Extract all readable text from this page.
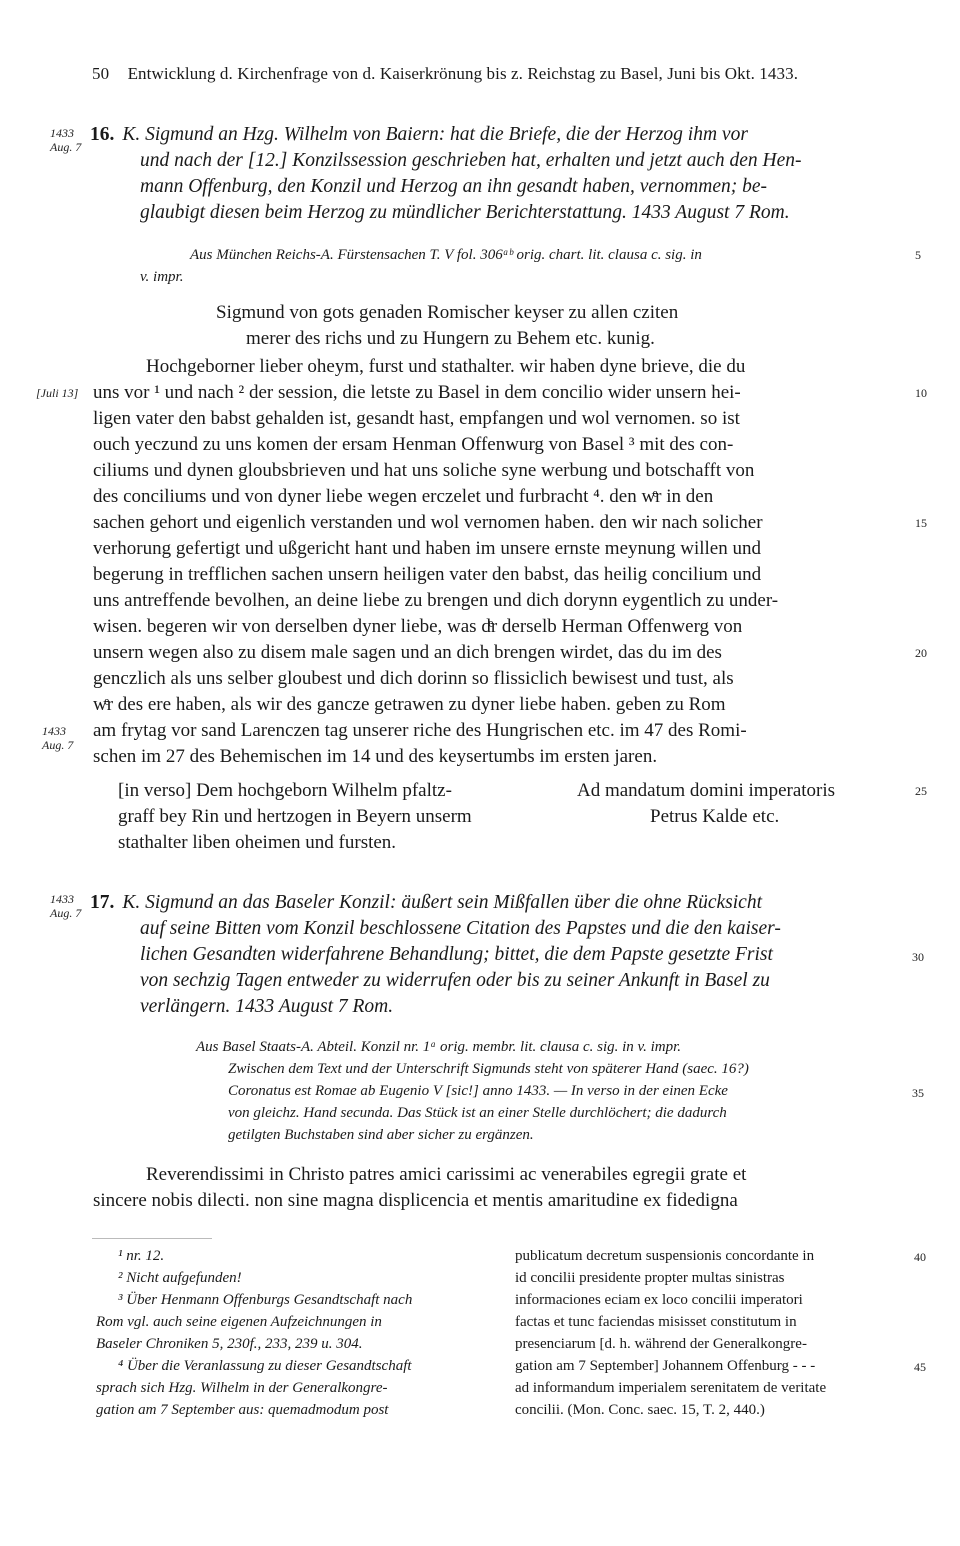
50 Entwicklung d. Kirchenfrage von d. Kaiserkrönung bis z. Reichstag zu Basel, Juni bis Okt. 1433.
1433
Aug. 7
16. K. Sigmund an Hzg. Wilhelm von Baiern: hat die Briefe, die der Herzog ihm vor
und nach der [12.] Konzilssession geschrieben hat, erhalten und jetzt auch den Hen-
mann Offenburg, den Konzil und Herzog an ihn gesandt haben, vernommen; be-
glaubigt diesen beim Herzog zu mündlicher Berichterstattung. 1433 August 7 Rom.
Aus München Reichs-A. Fürstensachen T. V fol. 306ᵃᵇ orig. chart. lit. clausa c. sig. in
v. impr.
5
Sigmund von gots genaden Romischer keyser zu allen cziten
merer des richs und zu Hungern zu Behem etc. kunig.
Hochgeborner lieber oheym, furst und stathalter. wir haben dyne brieve, die du
[Juli 13] uns vor ¹ und nach ² der session, die letste zu Basel in dem concilio wider unsern hei-	10
ligen vater den babst gehalden ist, gesandt hast, empfangen und wol vernomen. so ist
ouch yeczund zu uns komen der ersam Henman Offenwurg von Basel ³ mit des con-
ciliums und dynen gloubsbrieven und hat uns soliche syne werbung und botschafft von
des conciliums und von dyner liebe wegen erczelet und furbracht ⁴. den wͤr in den
sachen gehort und eigenlich verstanden und wol vernomen haben. den wir nach solicher	15
verhorung gefertigt und ußgericht hant und haben im unsere ernste meynung willen und
begerung in trefflichen sachen unsern heiligen vater den babst, das heilig concilium und
uns antreffende bevolhen, an deine liebe zu brengen und dich dorynn eygentlich zu under-
wisen. begeren wir von derselben dyner liebe, was dͤr derselb Herman Offenwerg von
unsern wegen also zu disem male sagen und an dich brengen wirdet, das du im des	20
genczlich als uns selber gloubest und dich dorinn so flissiclich bewisest und tust, als
wͤr des ere haben, als wir des gancze getrawen zu dyner liebe haben. geben zu Rom
1433
Aug. 7
am frytag vor sand Larenczen tag unserer riche des Hungrischen etc. im 47 des Romi-
schen im 27 des Behemischen im 14 und des keysertumbs im ersten jaren.
[in verso] Dem hochgeborn Wilhelm pfaltz-
graff bey Rin und hertzogen in Beyern unserm
stathalter liben oheimen und fursten.
Ad mandatum domini imperatoris
Petrus Kalde etc.
25
1433
Aug. 7 17. K. Sigmund an das Baseler Konzil: äußert sein Mißfallen über die ohne Rücksicht
auf seine Bitten vom Konzil beschlossene Citation des Papstes und die den kaiser-
lichen Gesandten widerfahrene Behandlung; bittet, die dem Papste gesetzte Frist	30
von sechzig Tagen entweder zu widerrufen oder bis zu seiner Ankunft in Basel zu
verlängern. 1433 August 7 Rom.
Aus Basel Staats-A. Abteil. Konzil nr. 1ᵃ orig. membr. lit. clausa c. sig. in v. impr.
Zwischen dem Text und der Unterschrift Sigmunds steht von späterer Hand (saec. 16?)
Coronatus est Romae ab Eugenio V [sic!] anno 1433. — In verso in der einen Ecke	35
von gleichz. Hand secunda. Das Stück ist an einer Stelle durchlöchert; die dadurch
getilgten Buchstaben sind aber sicher zu ergänzen.
Reverendissimi in Christo patres amici carissimi ac venerabiles egregii grate et
sincere nobis dilecti. non sine magna displicencia et mentis amaritudine ex fidedigna
¹ nr. 12.
² Nicht aufgefunden!
³ Über Henmann Offenburgs Gesandtschaft nach
Rom vgl. auch seine eigenen Aufzeichnungen in
Baseler Chroniken 5, 230f., 233, 239 u. 304.
⁴ Über die Veranlassung zu dieser Gesandtschaft
sprach sich Hzg. Wilhelm in der Generalkongre-
gation am 7 September aus: quemadmodum post
publicatum decretum suspensionis concordante in	40
id concilii presidente propter multas sinistras
informaciones eciam ex loco concilii imperatori
factas et tunc faciendas misisset constitutum in
presenciarum [d. h. während der Generalkongre-
gation am 7 September] Johannem Offenburg - - -	45
ad informandum imperialem serenitatem de veritate
concilii. (Mon. Conc. saec. 15, T. 2, 440.)
